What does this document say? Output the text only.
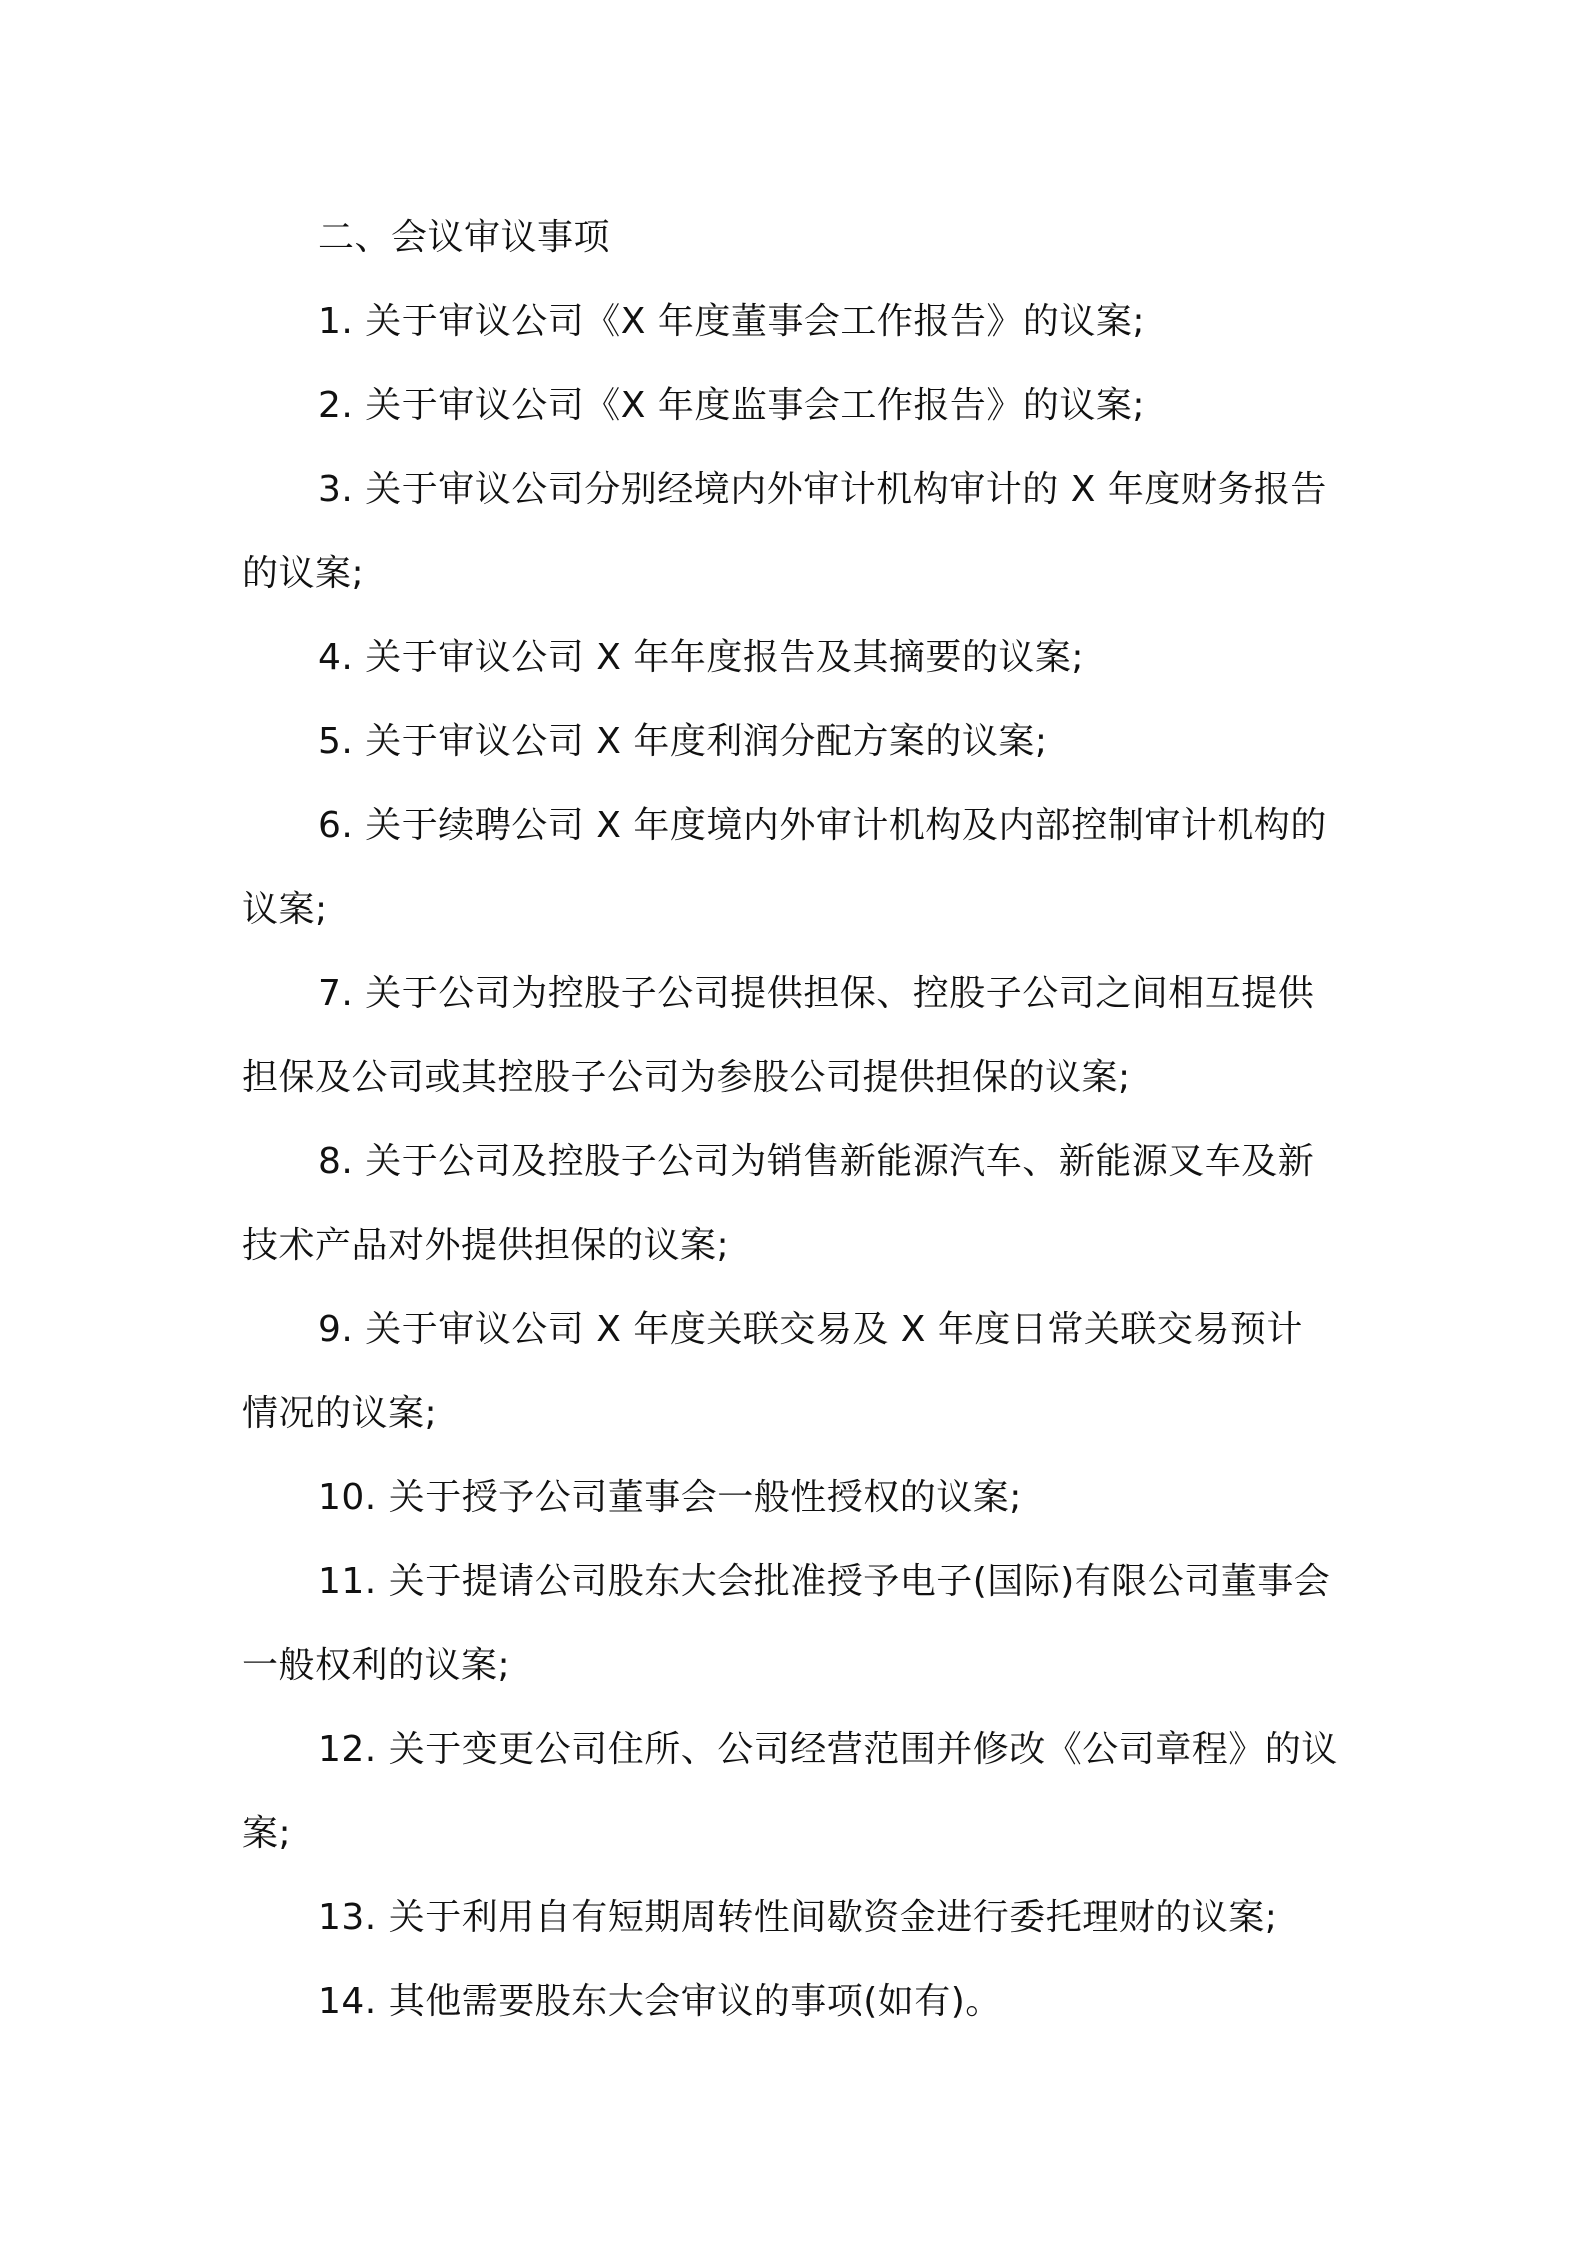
二、会议审议事项
1. 关于审议公司《X 年度董事会工作报告》的议案;
2. 关于审议公司《X 年度监事会工作报告》的议案;
3. 关于审议公司分别经境内外审计机构审计的 X 年度财务报告
的议案;
4. 关于审议公司 X 年年度报告及其摘要的议案;
5. 关于审议公司 X 年度利润分配方案的议案;
6. 关于续聘公司 X 年度境内外审计机构及内部控制审计机构的
议案;
7. 关于公司为控股子公司提供担保、控股子公司之间相互提供
担保及公司或其控股子公司为参股公司提供担保的议案;
8. 关于公司及控股子公司为销售新能源汽车、新能源叉车及新
技术产品对外提供担保的议案;
9. 关于审议公司 X 年度关联交易及 X 年度日常关联交易预计
情况的议案;
10. 关于授予公司董事会一般性授权的议案;
11. 关于提请公司股东大会批准授予电子(国际)有限公司董事会
一般权利的议案;
12. 关于变更公司住所、公司经营范围并修改《公司章程》的议
案;
13. 关于利用自有短期周转性间歇资金进行委托理财的议案;
14. 其他需要股东大会审议的事项(如有)。
